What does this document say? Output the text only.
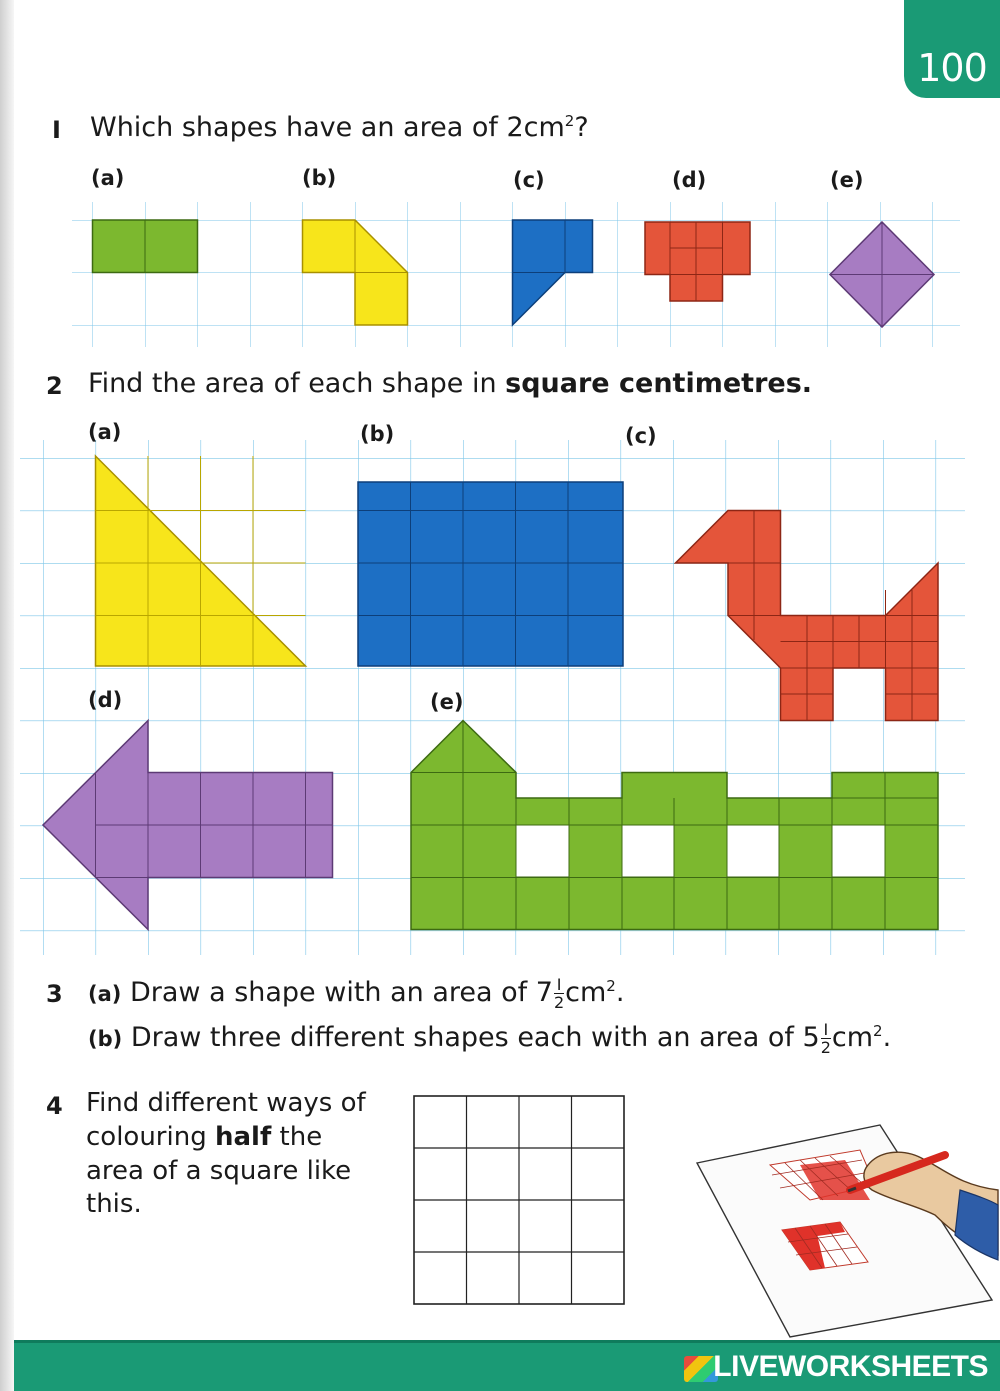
100
I Which shapes have an area of $2cm^2$?
(a)	(b)	(c)	(d)	(e)
2 Find the area of each shape in square centimetres.
(a)	(b)	(c)
(d)	(e)
3 (a) Draw a shape with an area of $7 \frac{I}{2} cm^2$.
(b) Draw three different shapes each with an area of $5 \frac{I}{2} cm^2$.
4 Find different ways of
colouring half the
area of a square like
this.
LIVEWORKSHEETS
